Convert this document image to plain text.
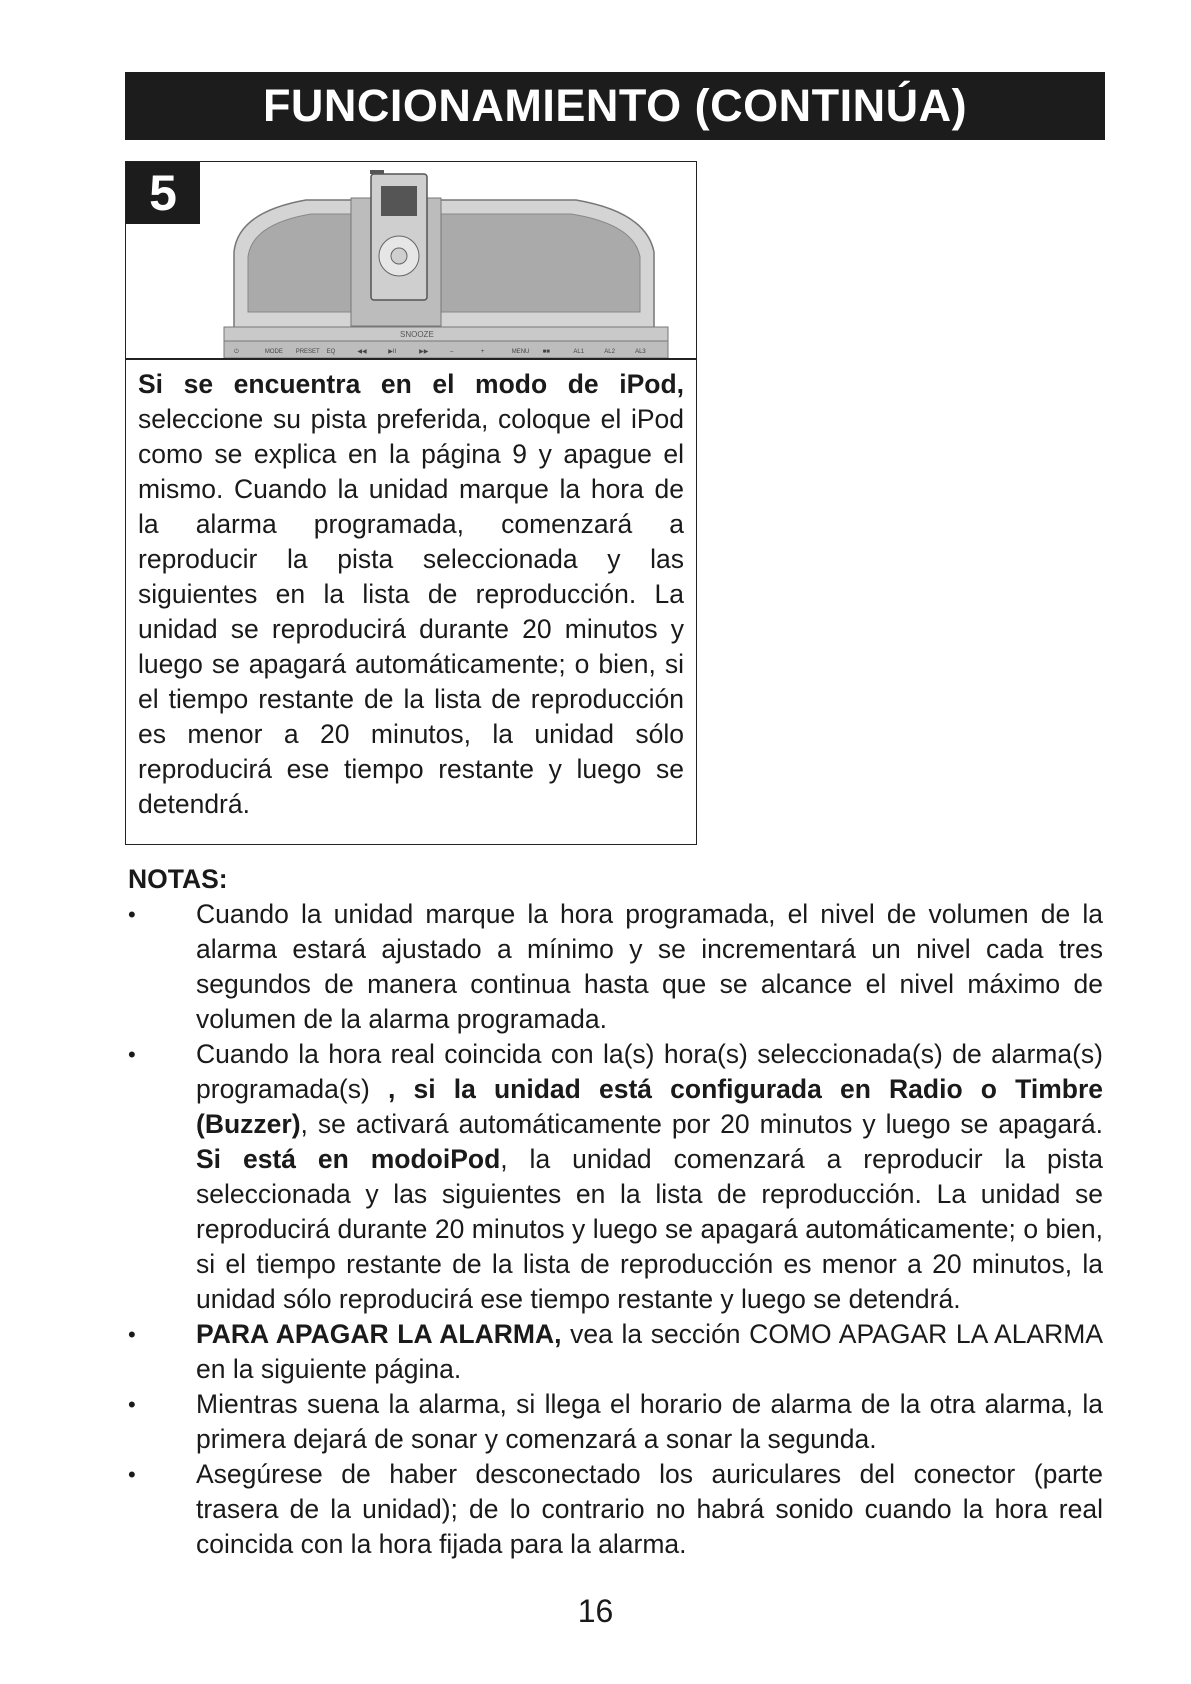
FUNCIONAMIENTO (CONTINÚA)
SNOOZE
⏻	MODE PRESET EQ	◀◀	▶II	▶▶	–	+	MENU ■■	AL1	AL2	AL3
5
Si se encuentra en el modo de iPod, seleccione su pista preferida, coloque el iPod como se explica en la página 9 y apague el mismo. Cuando la unidad marque la hora de la alarma programada, comenzará a reproducir la pista seleccionada y las siguientes en la lista de reproducción. La unidad se reproducirá durante 20 minutos y luego se apagará automáticamente; o bien, si el tiempo restante de la lista de reproducción es menor a 20 minutos, la unidad sólo reproducirá ese tiempo restante y luego se detendrá.
NOTAS:
• Cuando la unidad marque la hora programada, el nivel de volumen de la alarma estará ajustado a mínimo y se incrementará un nivel cada tres segundos de manera continua hasta que se alcance el nivel máximo de volumen de la alarma programada.
• Cuando la hora real coincida con la(s) hora(s) seleccionada(s) de alarma(s) programada(s) , si la unidad está configurada en Radio o Timbre (Buzzer), se activará automáticamente por 20 minutos y luego se apagará. Si está en modoiPod, la unidad comenzará a reproducir la pista seleccionada y las siguientes en la lista de reproducción. La unidad se reproducirá durante 20 minutos y luego se apagará automáticamente; o bien, si el tiempo restante de la lista de reproducción es menor a 20 minutos, la unidad sólo reproducirá ese tiempo restante y luego se detendrá.
• PARA APAGAR LA ALARMA, vea la sección COMO APAGAR LA ALARMA en la siguiente página.
• Mientras suena la alarma, si llega el horario de alarma de la otra alarma, la primera dejará de sonar y comenzará a sonar la segunda.
• Asegúrese de haber desconectado los auriculares del conector (parte trasera de la unidad); de lo contrario no habrá sonido cuando la hora real coincida con la hora fijada para la alarma.
16
